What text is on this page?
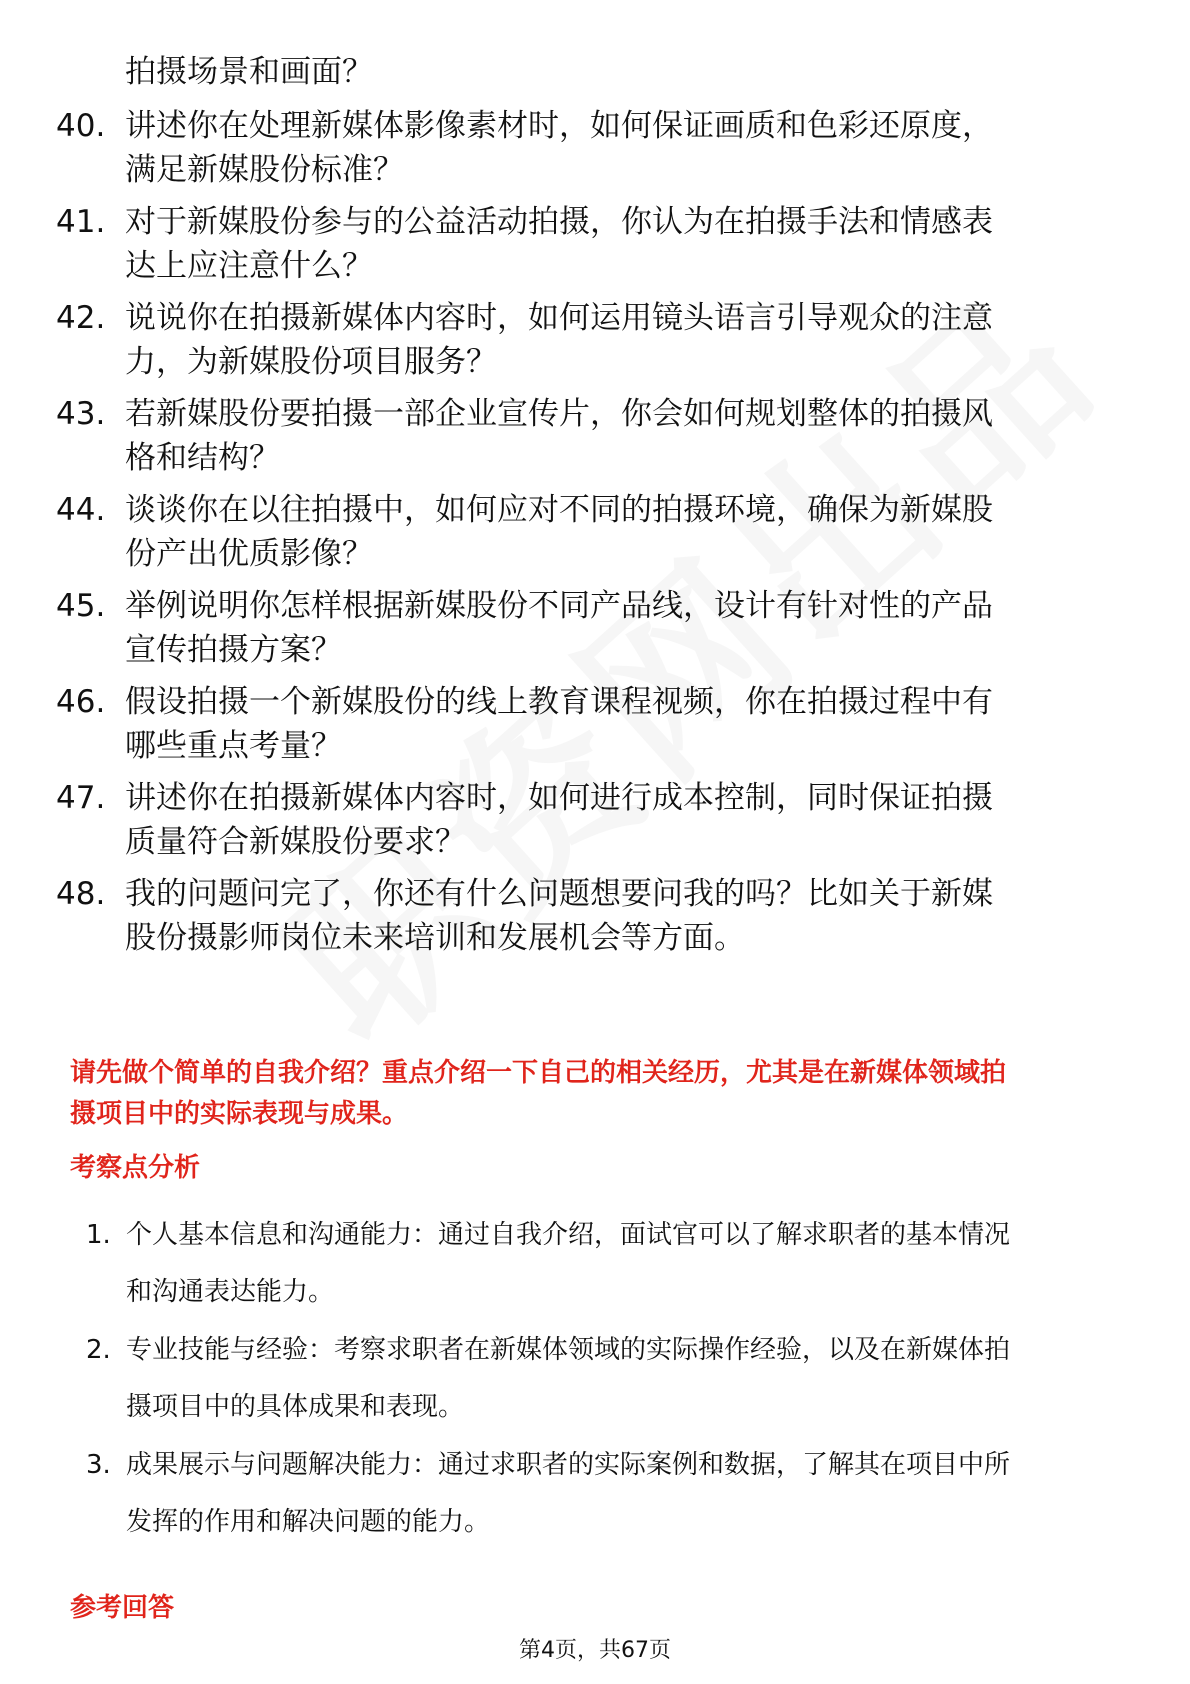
拍摄场景和画面？
40. 讲述你在处理新媒体影像素材时，如何保证画质和色彩还原度，
满足新媒股份标准？
41. 对于新媒股份参与的公益活动拍摄，你认为在拍摄手法和情感表
达上应注意什么？
42. 说说你在拍摄新媒体内容时，如何运用镜头语言引导观众的注意
力，为新媒股份项目服务？
43. 若新媒股份要拍摄一部企业宣传片，你会如何规划整体的拍摄风
格和结构？
44. 谈谈你在以往拍摄中，如何应对不同的拍摄环境，确保为新媒股
份产出优质影像？
45. 举例说明你怎样根据新媒股份不同产品线，设计有针对性的产品
宣传拍摄方案？
46. 假设拍摄一个新媒股份的线上教育课程视频，你在拍摄过程中有
哪些重点考量？
47. 讲述你在拍摄新媒体内容时，如何进行成本控制，同时保证拍摄
质量符合新媒股份要求？
48. 我的问题问完了，你还有什么问题想要问我的吗？比如关于新媒
股份摄影师岗位未来培训和发展机会等方面。
请先做个简单的自我介绍？重点介绍一下自己的相关经历，尤其是在新媒体领域拍
摄项目中的实际表现与成果。
考察点分析
1. 个人基本信息和沟通能力：通过自我介绍，面试官可以了解求职者的基本情况
和沟通表达能力。
2. 专业技能与经验：考察求职者在新媒体领域的实际操作经验，以及在新媒体拍
摄项目中的具体成果和表现。
3. 成果展示与问题解决能力：通过求职者的实际案例和数据，了解其在项目中所
发挥的作用和解决问题的能力。
参考回答
第4页，共67页
